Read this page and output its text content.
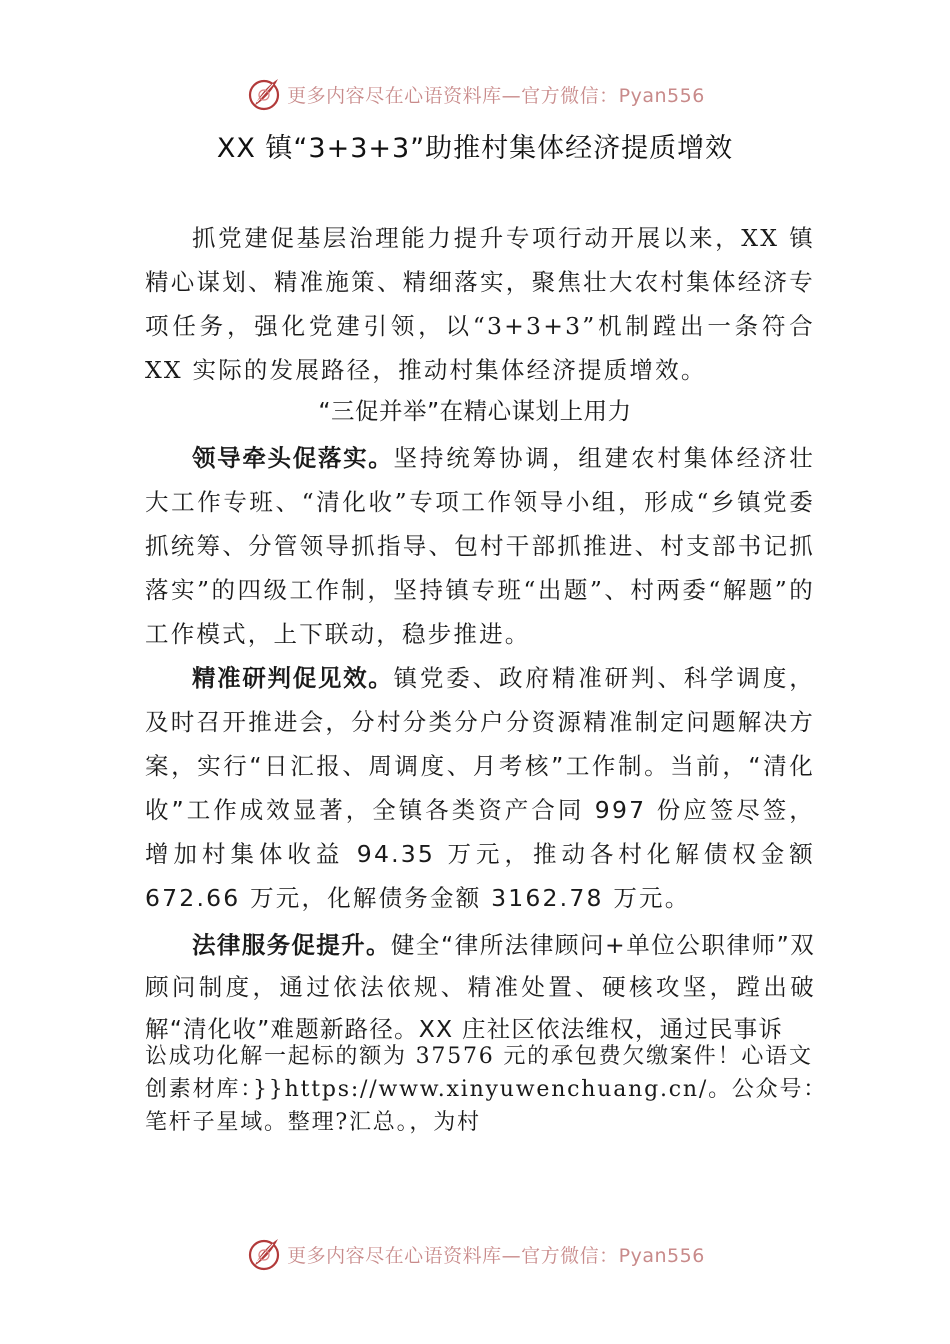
更多内容尽在心语资料库—官方微信：Pyan556
XX 镇“3+3+3”助推村集体经济提质增效

抓党建促基层治理能力提升专项行动开展以来，XX 镇精心谋划、精准施策、精细落实，聚焦壮大农村集体经济专项任务，强化党建引领，以“3+3+3”机制蹚出一条符合 XX 实际的发展路径，推动村集体经济提质增效。

“三促并举”在精心谋划上用力

领导牵头促落实。坚持统筹协调，组建农村集体经济壮大工作专班、“清化收”专项工作领导小组，形成“乡镇党委抓统筹、分管领导抓指导、包村干部抓推进、村支部书记抓落实”的四级工作制，坚持镇专班“出题”、村两委“解题”的工作模式，上下联动，稳步推进。

精准研判促见效。镇党委、政府精准研判、科学调度，及时召开推进会，分村分类分户分资源精准制定问题解决方案，实行“日汇报、周调度、月考核”工作制。当前，“清化收”工作成效显著，全镇各类资产合同 997 份应签尽签，增加村集体收益 94.35 万元，推动各村化解债权金额 672.66 万元，化解债务金额 3162.78 万元。

法律服务促提升。健全“律所法律顾问+单位公职律师”双顾问制度，通过依法依规、精准处置、硬核攻坚，蹚出破解“清化收”难题新路径。XX 庄社区依法维权，通过民事诉

讼成功化解一起标的额为 37576 元的承包费欠缴案件！心语文创素材库：}}https://www.xinyuwenchuang.cn/。公众号：笔杆子星域。整理?汇总。，为村

更多内容尽在心语资料库—官方微信：Pyan556
